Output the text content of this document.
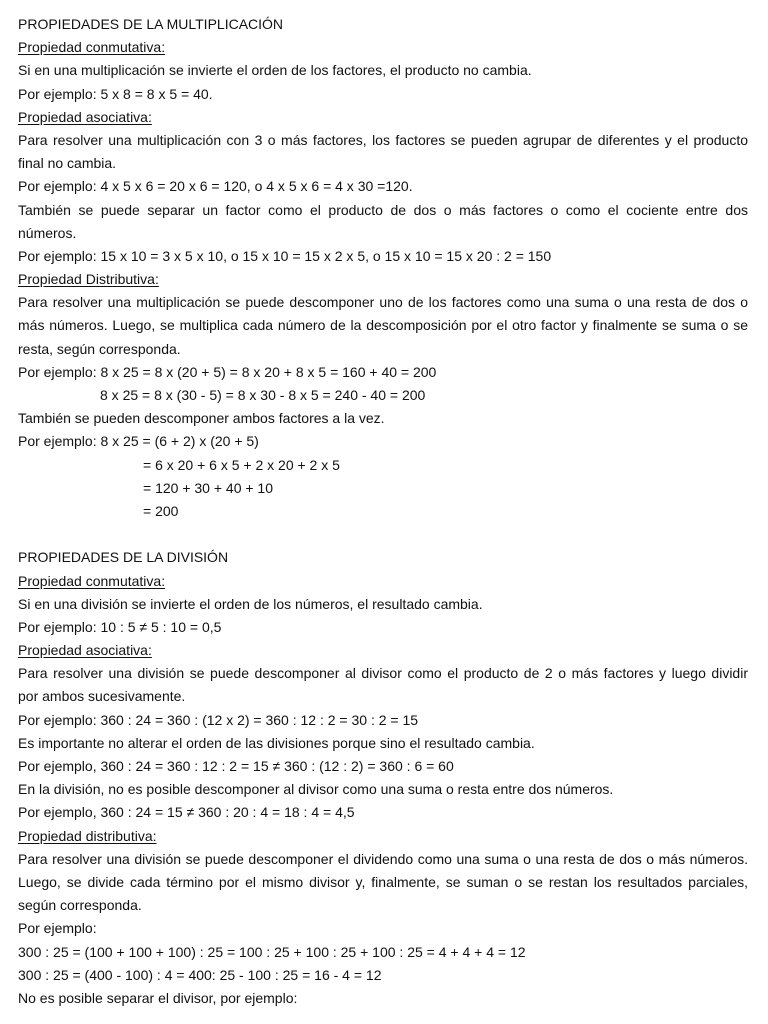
PROPIEDADES DE LA MULTIPLICACIÓN
Propiedad conmutativa:
Si en una multiplicación se invierte el orden de los factores, el producto no cambia.
Por ejemplo: 5 x 8 = 8 x 5 = 40.
Propiedad asociativa:
Para resolver una multiplicación con 3 o más factores, los factores se pueden agrupar de diferentes y el producto
final no cambia.
Por ejemplo: 4 x 5 x 6 = 20 x 6 = 120, o 4 x 5 x 6 = 4 x 30 =120.
También se puede separar un factor como el producto de dos o más factores o como el cociente entre dos
números.
Por ejemplo: 15 x 10 = 3 x 5 x 10, o 15 x 10 = 15 x 2 x 5, o 15 x 10 = 15 x 20 : 2 = 150
Propiedad Distributiva:
Para resolver una multiplicación se puede descomponer uno de los factores como una suma o una resta de dos o
más números. Luego, se multiplica cada número de la descomposición por el otro factor y finalmente se suma o se
resta, según corresponda.
Por ejemplo: 8 x 25 = 8 x (20 + 5) = 8 x 20 + 8 x 5 = 160 + 40 = 200
8 x 25 = 8 x (30 - 5) = 8 x 30 - 8 x 5 = 240 - 40 = 200
También se pueden descomponer ambos factores a la vez.
Por ejemplo: 8 x 25 = (6 + 2) x (20 + 5)
= 6 x 20 + 6 x 5 + 2 x 20 + 2 x 5
= 120 + 30 + 40 + 10
= 200
PROPIEDADES DE LA DIVISIÓN
Propiedad conmutativa:
Si en una división se invierte el orden de los números, el resultado cambia.
Por ejemplo: 10 : 5 ≠ 5 : 10 = 0,5
Propiedad asociativa:
Para resolver una división se puede descomponer al divisor como el producto de 2 o más factores y luego dividir
por ambos sucesivamente.
Por ejemplo: 360 : 24 = 360 : (12 x 2) = 360 : 12 : 2 = 30 : 2 = 15
Es importante no alterar el orden de las divisiones porque sino el resultado cambia.
Por ejemplo, 360 : 24 = 360 : 12 : 2 = 15 ≠ 360 : (12 : 2) = 360 : 6 = 60
En la división, no es posible descomponer al divisor como una suma o resta entre dos números.
Por ejemplo, 360 : 24 = 15 ≠ 360 : 20 : 4 = 18 : 4 = 4,5
Propiedad distributiva:
Para resolver una división se puede descomponer el dividendo como una suma o una resta de dos o más números.
Luego, se divide cada término por el mismo divisor y, finalmente, se suman o se restan los resultados parciales,
según corresponda.
Por ejemplo:
300 : 25 = (100 + 100 + 100) : 25 = 100 : 25 + 100 : 25 + 100 : 25 = 4 + 4 + 4 = 12
300 : 25 = (400 - 100) : 4 = 400: 25 - 100 : 25 = 16 - 4 = 12
No es posible separar el divisor, por ejemplo:
